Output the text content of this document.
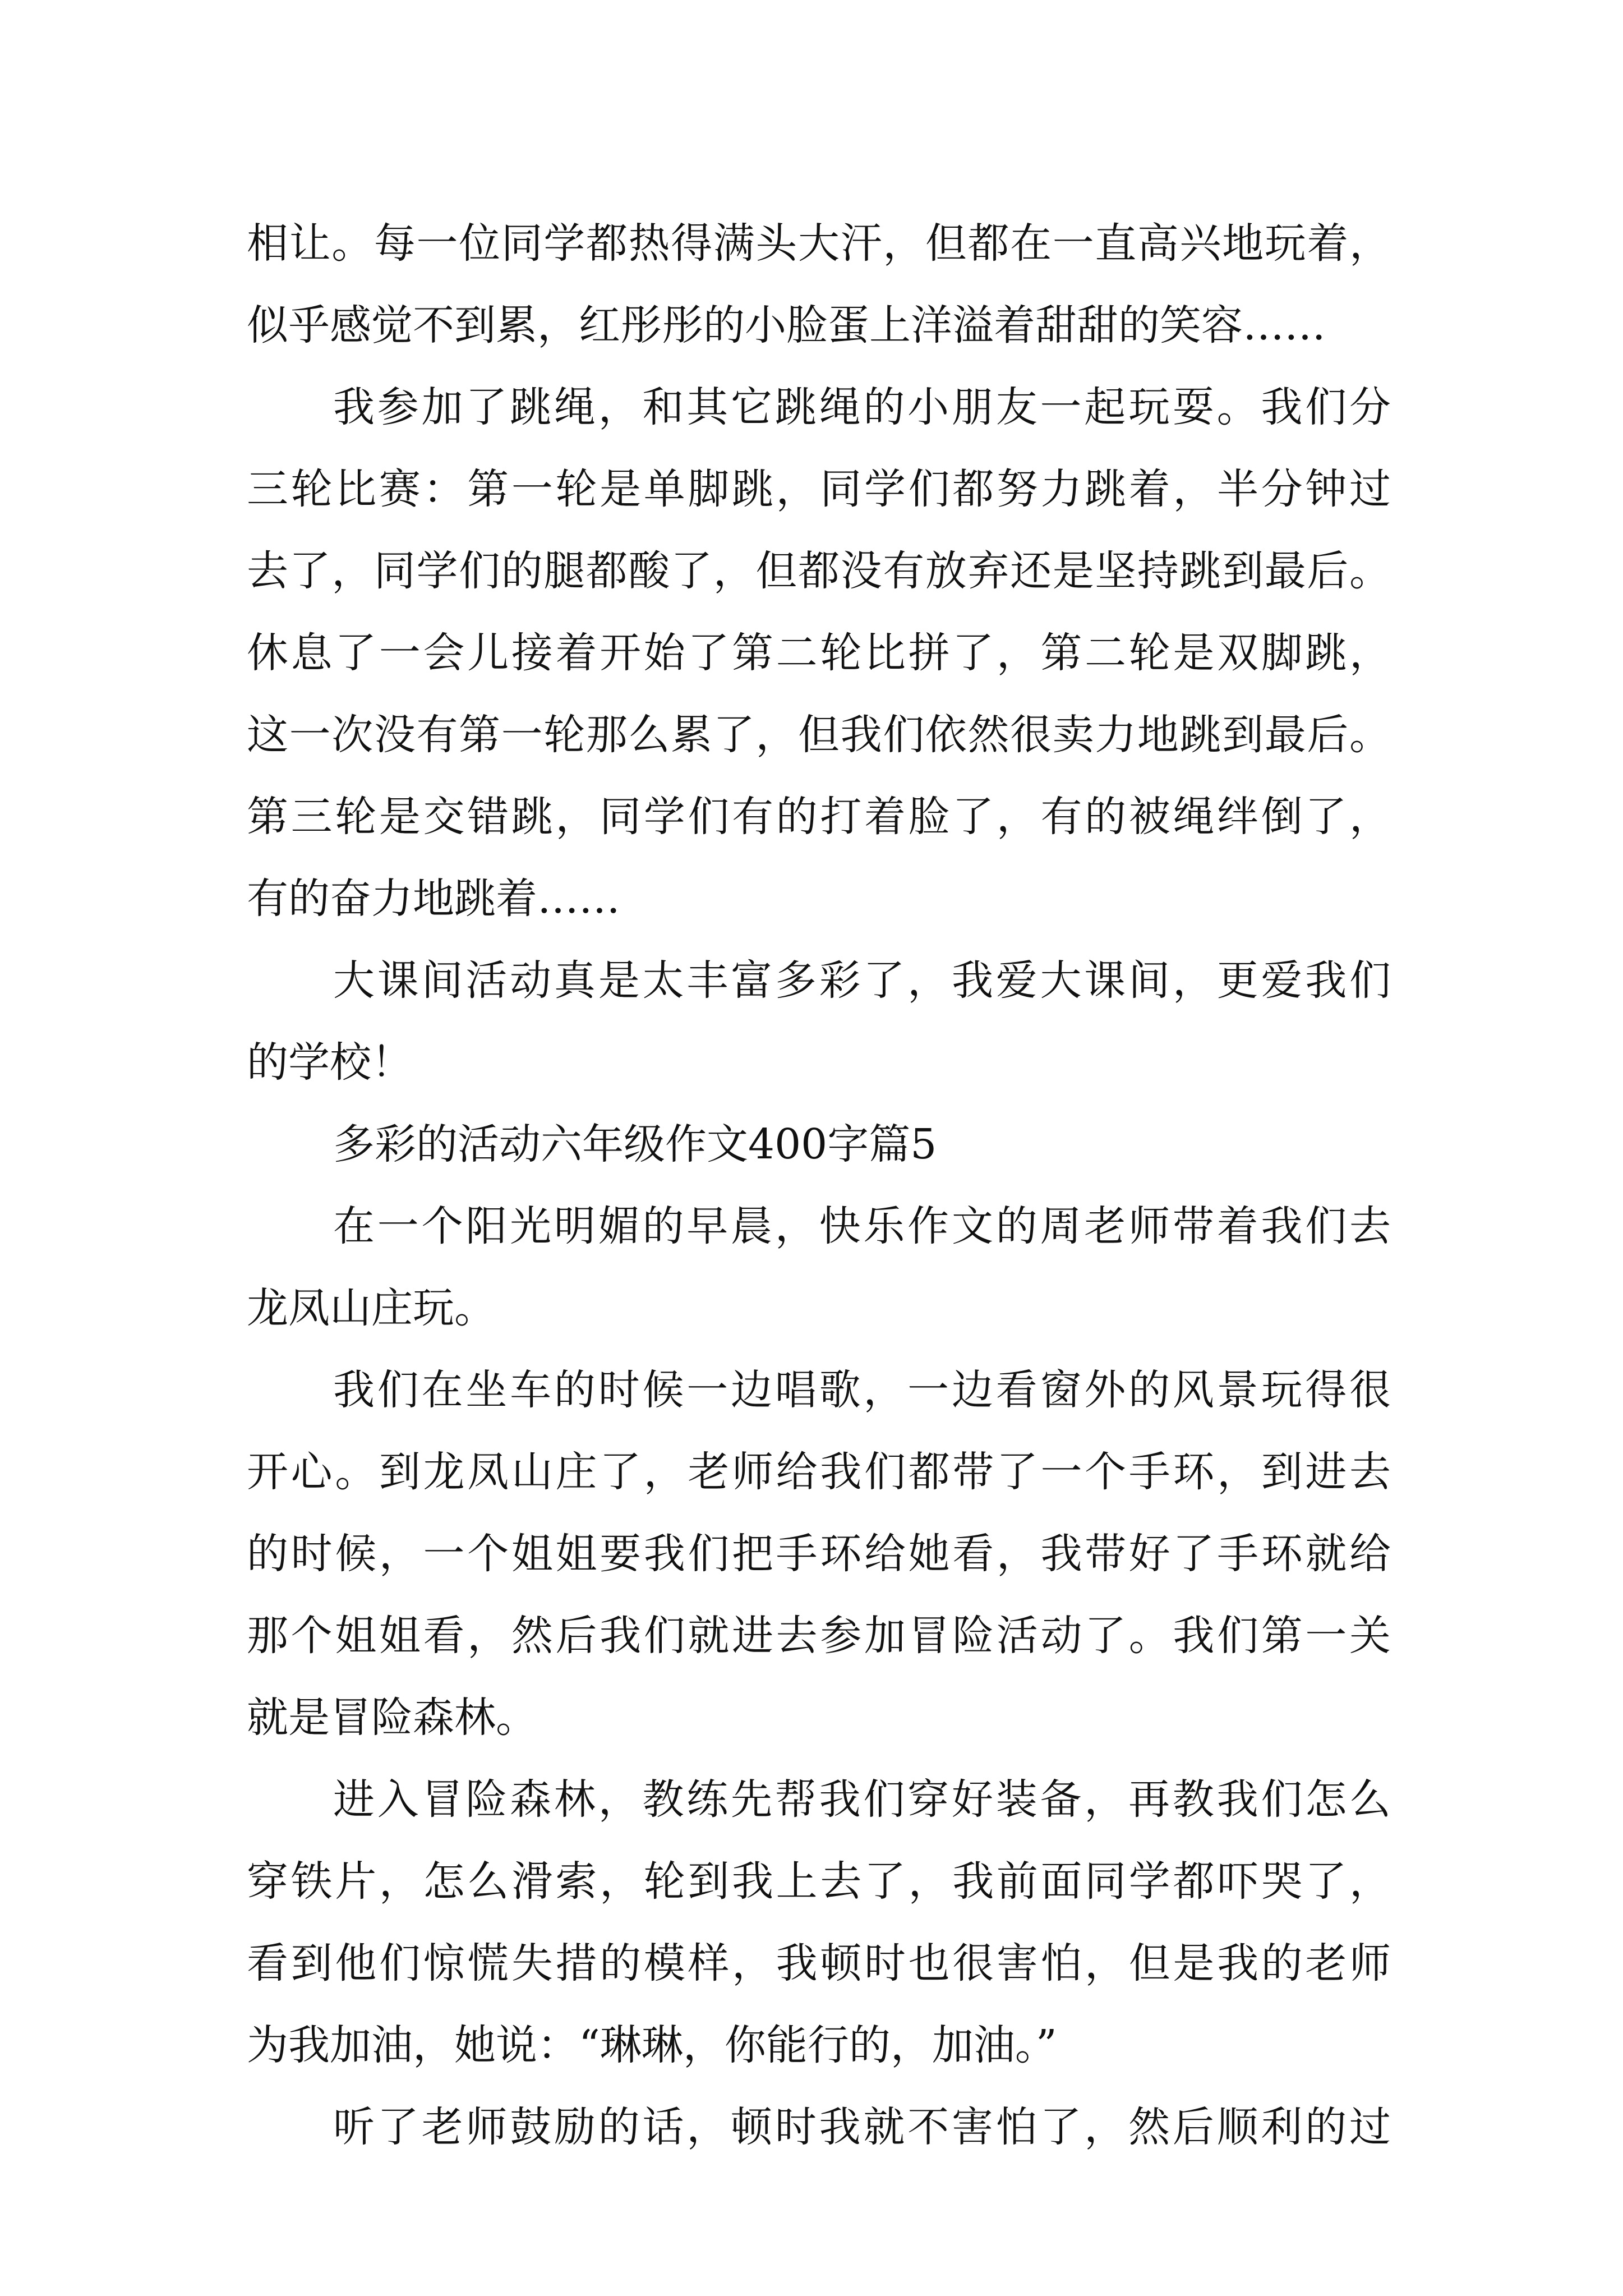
相让。每一位同学都热得满头大汗，但都在一直高兴地玩着，
似乎感觉不到累，红彤彤的小脸蛋上洋溢着甜甜的笑容……
我参加了跳绳，和其它跳绳的小朋友一起玩耍。我们分
三轮比赛：第一轮是单脚跳，同学们都努力跳着，半分钟过
去了，同学们的腿都酸了，但都没有放弃还是坚持跳到最后。
休息了一会儿接着开始了第二轮比拼了，第二轮是双脚跳，
这一次没有第一轮那么累了，但我们依然很卖力地跳到最后。
第三轮是交错跳，同学们有的打着脸了，有的被绳绊倒了，
有的奋力地跳着……
大课间活动真是太丰富多彩了，我爱大课间，更爱我们
的学校！
多彩的活动六年级作文400字篇5
在一个阳光明媚的早晨，快乐作文的周老师带着我们去
龙凤山庄玩。
我们在坐车的时候一边唱歌，一边看窗外的风景玩得很
开心。到龙凤山庄了，老师给我们都带了一个手环，到进去
的时候，一个姐姐要我们把手环给她看，我带好了手环就给
那个姐姐看，然后我们就进去参加冒险活动了。我们第一关
就是冒险森林。
进入冒险森林，教练先帮我们穿好装备，再教我们怎么
穿铁片，怎么滑索，轮到我上去了，我前面同学都吓哭了，
看到他们惊慌失措的模样，我顿时也很害怕，但是我的老师
为我加油，她说：“琳琳，你能行的，加油。”
听了老师鼓励的话，顿时我就不害怕了，然后顺利的过
